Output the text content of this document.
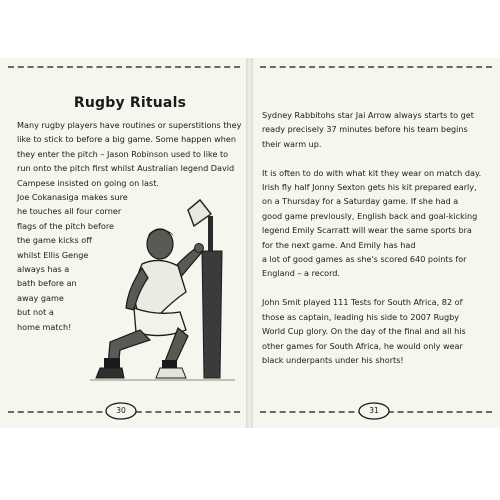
Rugby Rituals
Many rugby players have routines or superstitions they
like to stick to before a big game. Some happen when
they enter the pitch – Jason Robinson used to like to
run onto the pitch first whilst Australian legend David
Campese insisted on going on last.
Joe Cokanasiga makes sure
he touches all four corner
flags of the pitch before
the game kicks off
whilst Ellis Genge
always has a
bath before an
away game
but not a
home match!
Sydney Rabbitohs star Jai Arrow always starts to get
ready precisely 37 minutes before his team begins
their warm up.

It is often to do with what kit they wear on match day.
Irish fly half Jonny Sexton gets his kit prepared early,
on a Thursday for a Saturday game. If she had a
good game previously, English back and goal-kicking
legend Emily Scarratt will wear the same sports bra
for the next game. And Emily has had
a lot of good games as she's scored 640 points for
England – a record.

John Smit played 111 Tests for South Africa, 82 of
those as captain, leading his side to 2007 Rugby
World Cup glory. On the day of the final and all his
other games for South Africa, he would only wear
black underpants under his shorts!
30	31
